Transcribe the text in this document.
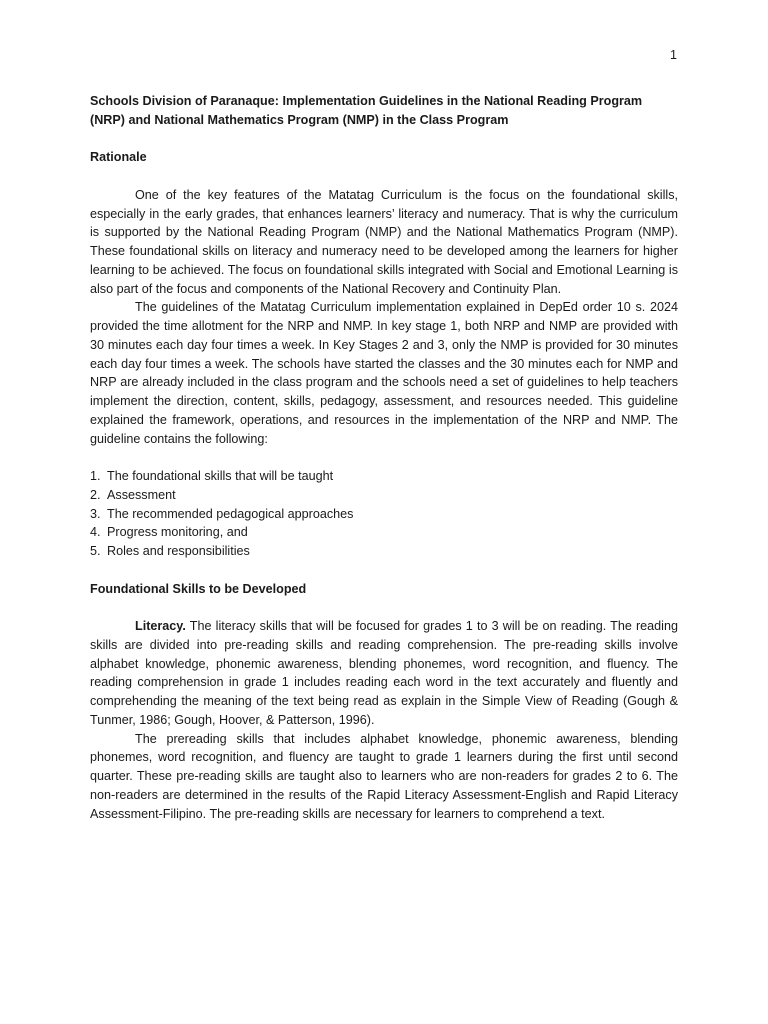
1

Schools Division of Paranaque: Implementation Guidelines in the National Reading Program (NRP) and National Mathematics Program (NMP) in the Class Program

Rationale

One of the key features of the Matatag Curriculum is the focus on the foundational skills, especially in the early grades, that enhances learners’ literacy and numeracy. That is why the curriculum is supported by the National Reading Program (NMP) and the National Mathematics Program (NMP). These foundational skills on literacy and numeracy need to be developed among the learners for higher learning to be achieved. The focus on foundational skills integrated with Social and Emotional Learning is also part of the focus and components of the National Recovery and Continuity Plan.

The guidelines of the Matatag Curriculum implementation explained in DepEd order 10 s. 2024 provided the time allotment for the NRP and NMP. In key stage 1, both NRP and NMP are provided with 30 minutes each day four times a week. In Key Stages 2 and 3, only the NMP is provided for 30 minutes each day four times a week. The schools have started the classes and the 30 minutes each for NMP and NRP are already included in the class program and the schools need a set of guidelines to help teachers implement the direction, content, skills, pedagogy, assessment, and resources needed. This guideline explained the framework, operations, and resources in the implementation of the NRP and NMP. The guideline contains the following:

1. The foundational skills that will be taught
2. Assessment
3. The recommended pedagogical approaches
4. Progress monitoring, and
5. Roles and responsibilities

Foundational Skills to be Developed

Literacy. The literacy skills that will be focused for grades 1 to 3 will be on reading. The reading skills are divided into pre-reading skills and reading comprehension. The pre-reading skills involve alphabet knowledge, phonemic awareness, blending phonemes, word recognition, and fluency. The reading comprehension in grade 1 includes reading each word in the text accurately and fluently and comprehending the meaning of the text being read as explain in the Simple View of Reading (Gough & Tunmer, 1986; Gough, Hoover, & Patterson, 1996).

The prereading skills that includes alphabet knowledge, phonemic awareness, blending phonemes, word recognition, and fluency are taught to grade 1 learners during the first until second quarter. These pre-reading skills are taught also to learners who are non-readers for grades 2 to 6. The non-readers are determined in the results of the Rapid Literacy Assessment-English and Rapid Literacy Assessment-Filipino. The pre-reading skills are necessary for learners to comprehend a text.
